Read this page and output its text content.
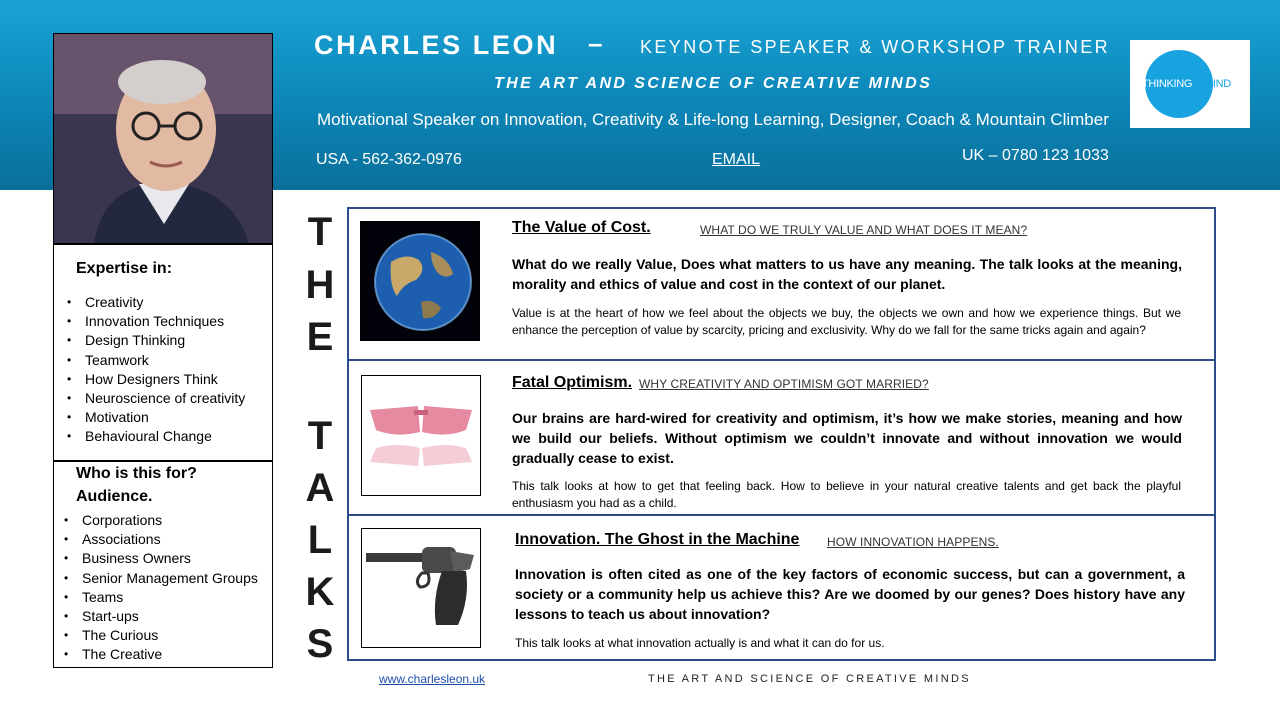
CHARLES LEON – KEYNOTE SPEAKER & WORKSHOP TRAINER
THE ART AND SCIENCE OF CREATIVE MINDS
Motivational Speaker on Innovation, Creativity & Life-long Learning, Designer, Coach & Mountain Climber
USA - 562-362-0976	EMAIL	UK – 0780 123 1033
THINKING MIND
Expertise in:
• Creativity
• Innovation Techniques
• Design Thinking
• Teamwork
• How Designers Think
• Neuroscience of creativity
• Motivation
• Behavioural Change
Who is this for?
Audience.
• Corporations
• Associations
• Business Owners
• Senior Management Groups
• Teams
• Start-ups
• The Curious
• The Creative
T
H
E
T
A
L
K
S
The Value of Cost.	WHAT DO WE TRULY VALUE AND WHAT DOES IT MEAN?
What do we really Value, Does what matters to us have any meaning. The talk looks at the meaning, morality and ethics of value and cost in the context of our planet.
Value is at the heart of how we feel about the objects we buy, the objects we own and how we experience things. But we enhance the perception of value by scarcity, pricing and exclusivity. Why do we fall for the same tricks again and again?
Fatal Optimism. WHY CREATIVITY AND OPTIMISM GOT MARRIED?
Our brains are hard-wired for creativity and optimism, it’s how we make stories, meaning and how we build our beliefs. Without optimism we couldn’t innovate and without innovation we would gradually cease to exist.
This talk looks at how to get that feeling back. How to believe in your natural creative talents and get back the playful enthusiasm you had as a child.
Innovation. The Ghost in the Machine HOW INNOVATION HAPPENS.
Innovation is often cited as one of the key factors of economic success, but can a government, a society or a community help us achieve this? Are we doomed by our genes? Does history have any lessons to teach us about innovation?
This talk looks at what innovation actually is and what it can do for us.
www.charlesleon.uk	THE ART AND SCIENCE OF CREATIVE MINDS
